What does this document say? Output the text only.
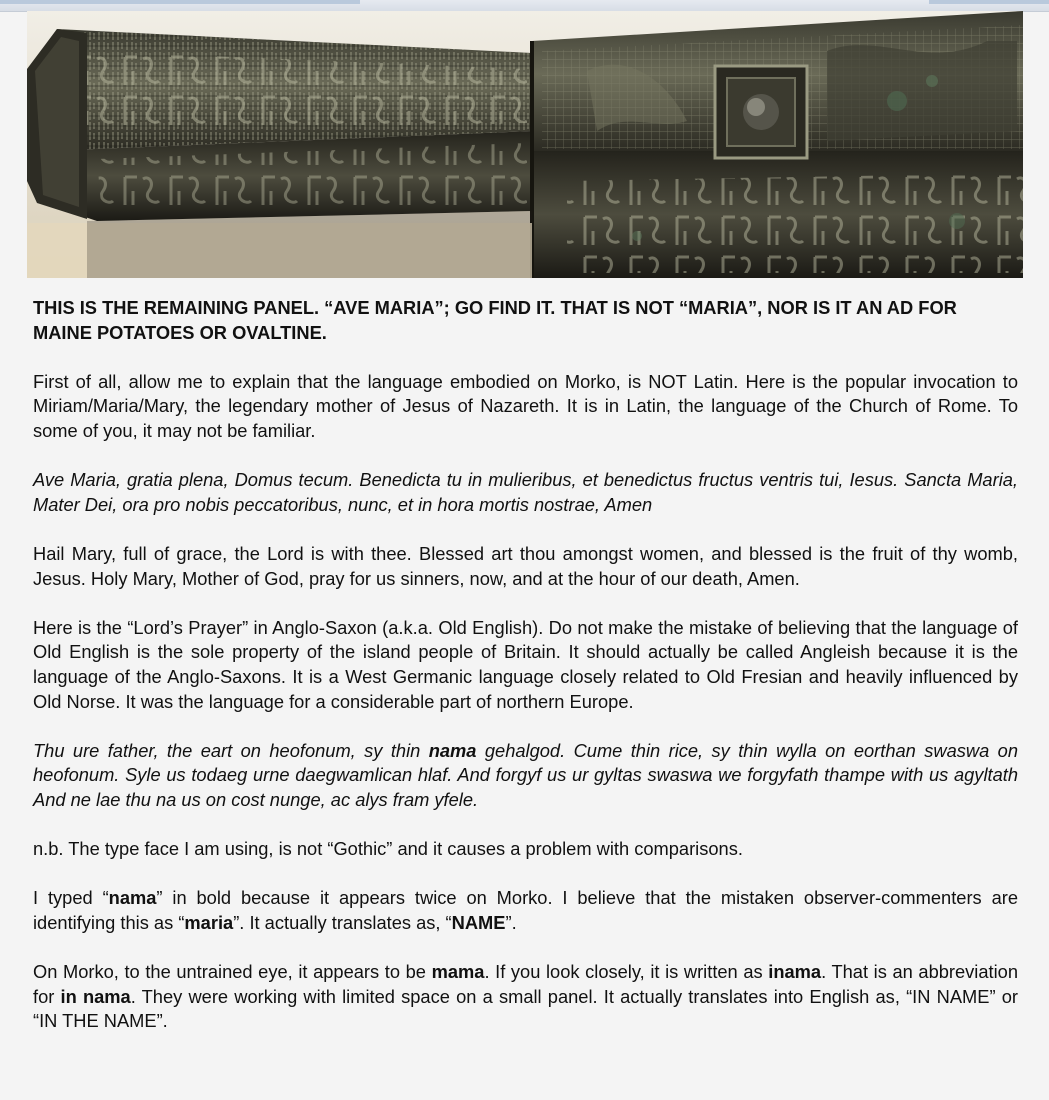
THIS IS THE REMAINING PANEL. “AVE MARIA”; GO FIND IT. THAT IS NOT “MARIA”, NOR IS IT AN AD FOR MAINE POTATOES OR OVALTINE.

First of all, allow me to explain that the language embodied on Morko, is NOT Latin. Here is the popular invocation to Miriam/Maria/Mary, the legendary mother of Jesus of Nazareth. It is in Latin, the language of the Church of Rome. To some of you, it may not be familiar.

Ave Maria, gratia plena, Domus tecum. Benedicta tu in mulieribus, et benedictus fructus ventris tui, Iesus. Sancta Maria, Mater Dei, ora pro nobis peccatoribus, nunc, et in hora mortis nostrae, Amen

Hail Mary, full of grace, the Lord is with thee. Blessed art thou amongst women, and blessed is the fruit of thy womb, Jesus. Holy Mary, Mother of God, pray for us sinners, now, and at the hour of our death, Amen.

Here is the “Lord’s Prayer” in Anglo-Saxon (a.k.a. Old English). Do not make the mistake of believing that the language of Old English is the sole property of the island people of Britain. It should actually be called Angleish because it is the language of the Anglo-Saxons. It is a West Germanic language closely related to Old Fresian and heavily influenced by Old Norse. It was the language for a considerable part of northern Europe.

Thu ure father, the eart on heofonum, sy thin nama gehalgod. Cume thin rice, sy thin wylla on eorthan swaswa on heofonum. Syle us todaeg urne daegwamlican hlaf. And forgyf us ur gyltas swaswa we forgyfath thampe with us agyltath And ne lae thu na us on cost nunge, ac alys fram yfele.

n.b. The type face I am using, is not “Gothic” and it causes a problem with comparisons.

I typed “nama” in bold because it appears twice on Morko. I believe that the mistaken observer-commenters are identifying this as “maria”. It actually translates as, “NAME”.

On Morko, to the untrained eye, it appears to be mama. If you look closely, it is written as inama. That is an abbreviation for in nama. They were working with limited space on a small panel. It actually translates into English as, “IN NAME” or “IN THE NAME”.
